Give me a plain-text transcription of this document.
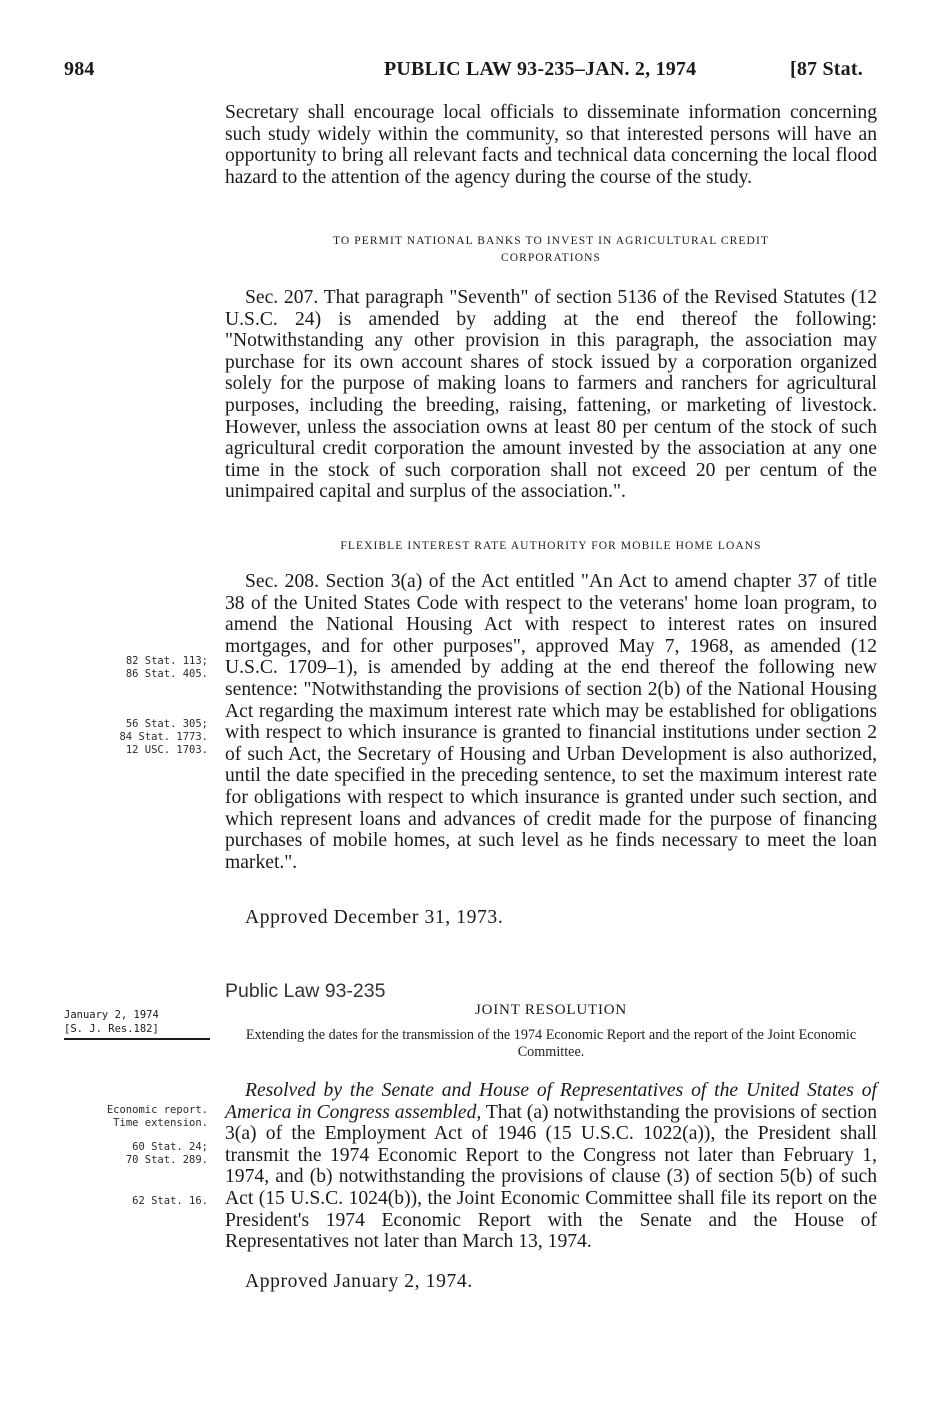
984	PUBLIC LAW 93-235–JAN. 2, 1974	[87 Stat.
Secretary shall encourage local officials to disseminate information concerning such study widely within the community, so that interested persons will have an opportunity to bring all relevant facts and technical data concerning the local flood hazard to the attention of the agency during the course of the study.
TO PERMIT NATIONAL BANKS TO INVEST IN AGRICULTURAL CREDIT
CORPORATIONS
Sec. 207. That paragraph "Seventh" of section 5136 of the Revised Statutes (12 U.S.C. 24) is amended by adding at the end thereof the following: "Notwithstanding any other provision in this paragraph, the association may purchase for its own account shares of stock issued by a corporation organized solely for the purpose of making loans to farmers and ranchers for agricultural purposes, including the breeding, raising, fattening, or marketing of livestock. However, unless the association owns at least 80 per centum of the stock of such agricultural credit corporation the amount invested by the association at any one time in the stock of such corporation shall not exceed 20 per centum of the unimpaired capital and surplus of the association.".
FLEXIBLE INTEREST RATE AUTHORITY FOR MOBILE HOME LOANS
Sec. 208. Section 3(a) of the Act entitled "An Act to amend chapter 37 of title 38 of the United States Code with respect to the veterans' home loan program, to amend the National Housing Act with respect to interest rates on insured mortgages, and for other purposes", approved May 7, 1968, as amended (12 U.S.C. 1709–1), is amended by adding at the end thereof the following new sentence: "Notwithstanding the provisions of section 2(b) of the National Housing Act regarding the maximum interest rate which may be established for obligations with respect to which insurance is granted to financial institutions under section 2 of such Act, the Secretary of Housing and Urban Development is also authorized, until the date specified in the preceding sentence, to set the maximum interest rate for obligations with respect to which insurance is granted under such section, and which represent loans and advances of credit made for the purpose of financing purchases of mobile homes, at such level as he finds necessary to meet the loan market.".
Approved December 31, 1973.
82 Stat. 113;
86 Stat. 405.
56 Stat. 305;
84 Stat. 1773.
12 USC. 1703.
Public Law 93-235
JOINT RESOLUTION
Extending the dates for the transmission of the 1974 Economic Report and the report of the Joint Economic Committee.
January 2, 1974
[S. J. Res.182]
Economic report.
Time extension.
60 Stat. 24;
70 Stat. 289.
62 Stat. 16.
Resolved by the Senate and House of Representatives of the United States of America in Congress assembled, That (a) notwithstanding the provisions of section 3(a) of the Employment Act of 1946 (15 U.S.C. 1022(a)), the President shall transmit the 1974 Economic Report to the Congress not later than February 1, 1974, and (b) notwithstanding the provisions of clause (3) of section 5(b) of such Act (15 U.S.C. 1024(b)), the Joint Economic Committee shall file its report on the President's 1974 Economic Report with the Senate and the House of Representatives not later than March 13, 1974.
Approved January 2, 1974.
